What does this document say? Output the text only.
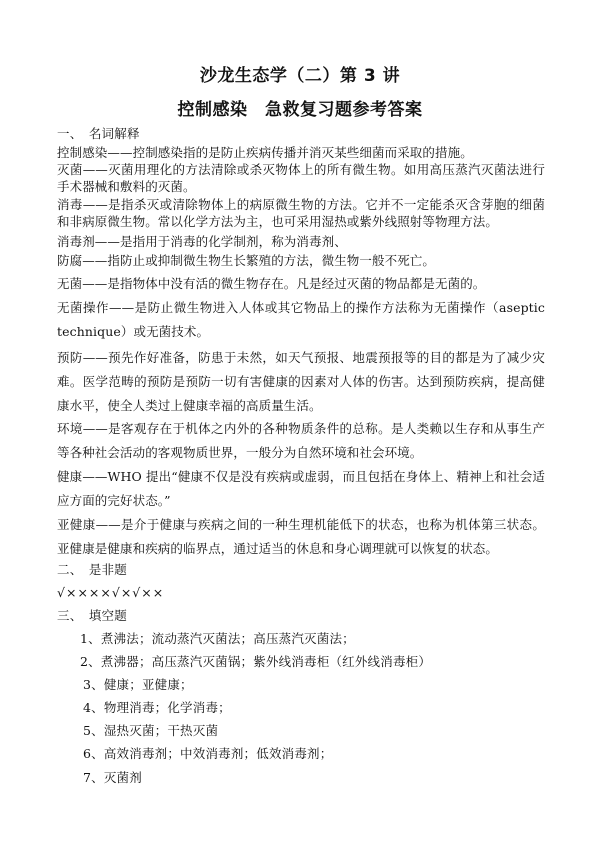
沙龙生态学（二）第 3 讲
控制感染　急救复习题参考答案
一、　名词解释
控制感染——控制感染指的是防止疾病传播并消灭某些细菌而采取的措施。
灭菌——灭菌用理化的方法清除或杀灭物体上的所有微生物。如用高压蒸汽灭菌法进行手术器械和敷料的灭菌。
消毒——是指杀灭或清除物体上的病原微生物的方法。它并不一定能杀灭含芽胞的细菌和非病原微生物。常以化学方法为主，也可采用湿热或紫外线照射等物理方法。
消毒剂——是指用于消毒的化学制剂，称为消毒剂、
防腐——指防止或抑制微生物生长繁殖的方法，微生物一般不死亡。
无菌——是指物体中没有活的微生物存在。凡是经过灭菌的物品都是无菌的。
无菌操作——是防止微生物进入人体或其它物品上的操作方法称为无菌操作（aseptic technique）或无菌技术。
预防——预先作好准备，防患于未然，如天气预报、地震预报等的目的都是为了减少灾难。医学范畴的预防是预防一切有害健康的因素对人体的伤害。达到预防疾病，提高健康水平，使全人类过上健康幸福的高质量生活。
环境——是客观存在于机体之内外的各种物质条件的总称。是人类赖以生存和从事生产等各种社会活动的客观物质世界，一般分为自然环境和社会环境。
健康——WHO 提出“健康不仅是没有疾病或虚弱，而且包括在身体上、精神上和社会适应方面的完好状态。”
亚健康——是介于健康与疾病之间的一种生理机能低下的状态，也称为机体第三状态。亚健康是健康和疾病的临界点，通过适当的休息和身心调理就可以恢复的状态。
二、　是非题
√××××√×√××
三、　填空题
1、煮沸法；流动蒸汽灭菌法；高压蒸汽灭菌法；
2、煮沸器；高压蒸汽灭菌锅；紫外线消毒柜（红外线消毒柜）
3、健康；亚健康；
4、物理消毒；化学消毒；
5、湿热灭菌；干热灭菌
6、高效消毒剂；中效消毒剂；低效消毒剂；
7、灭菌剂
